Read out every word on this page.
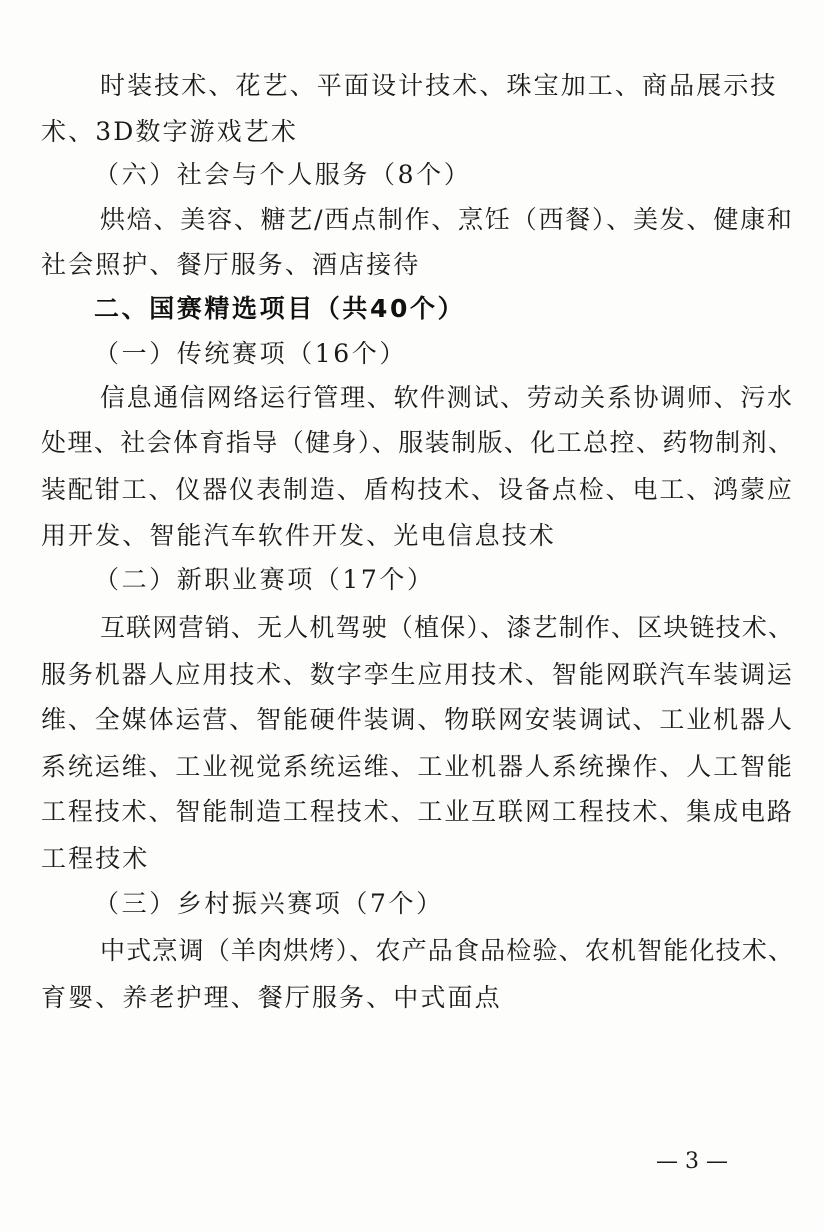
时装技术、花艺、平面设计技术、珠宝加工、商品展示技
术、3D数字游戏艺术
（六）社会与个人服务（8个）
烘焙、美容、糖艺/西点制作、烹饪（西餐）、美发、健康和
社会照护、餐厅服务、酒店接待
二、国赛精选项目（共40个）
（一）传统赛项（16个）
信息通信网络运行管理、软件测试、劳动关系协调师、污水
处理、社会体育指导（健身）、服装制版、化工总控、药物制剂、
装配钳工、仪器仪表制造、盾构技术、设备点检、电工、鸿蒙应
用开发、智能汽车软件开发、光电信息技术
（二）新职业赛项（17个）
互联网营销、无人机驾驶（植保）、漆艺制作、区块链技术、
服务机器人应用技术、数字孪生应用技术、智能网联汽车装调运
维、全媒体运营、智能硬件装调、物联网安装调试、工业机器人
系统运维、工业视觉系统运维、工业机器人系统操作、人工智能
工程技术、智能制造工程技术、工业互联网工程技术、集成电路
工程技术
（三）乡村振兴赛项（7个）
中式烹调（羊肉烘烤）、农产品食品检验、农机智能化技术、
育婴、养老护理、餐厅服务、中式面点
— 3 —
